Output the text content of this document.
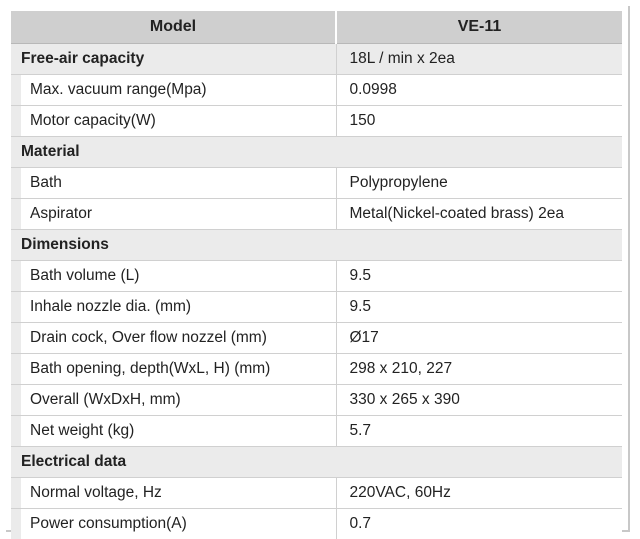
Model	VE-11
Free-air capacity	18L / min x 2ea

Max. vacuum range(Mpa)	0.0998

Motor capacity(W)	150
Material	

Bath	Polypropylene

Aspirator	Metal(Nickel-coated brass) 2ea
Dimensions	

Bath volume (L)	9.5

Inhale nozzle dia. (mm)	9.5

Drain cock, Over flow nozzel (mm)	Ø17

Bath opening, depth(WxL, H) (mm)	298 x 210, 227

Overall (WxDxH, mm)	330 x 265 x 390

Net weight (kg)	5.7
Electrical data	

Normal voltage, Hz	220VAC, 60Hz

Power consumption(A)	0.7
